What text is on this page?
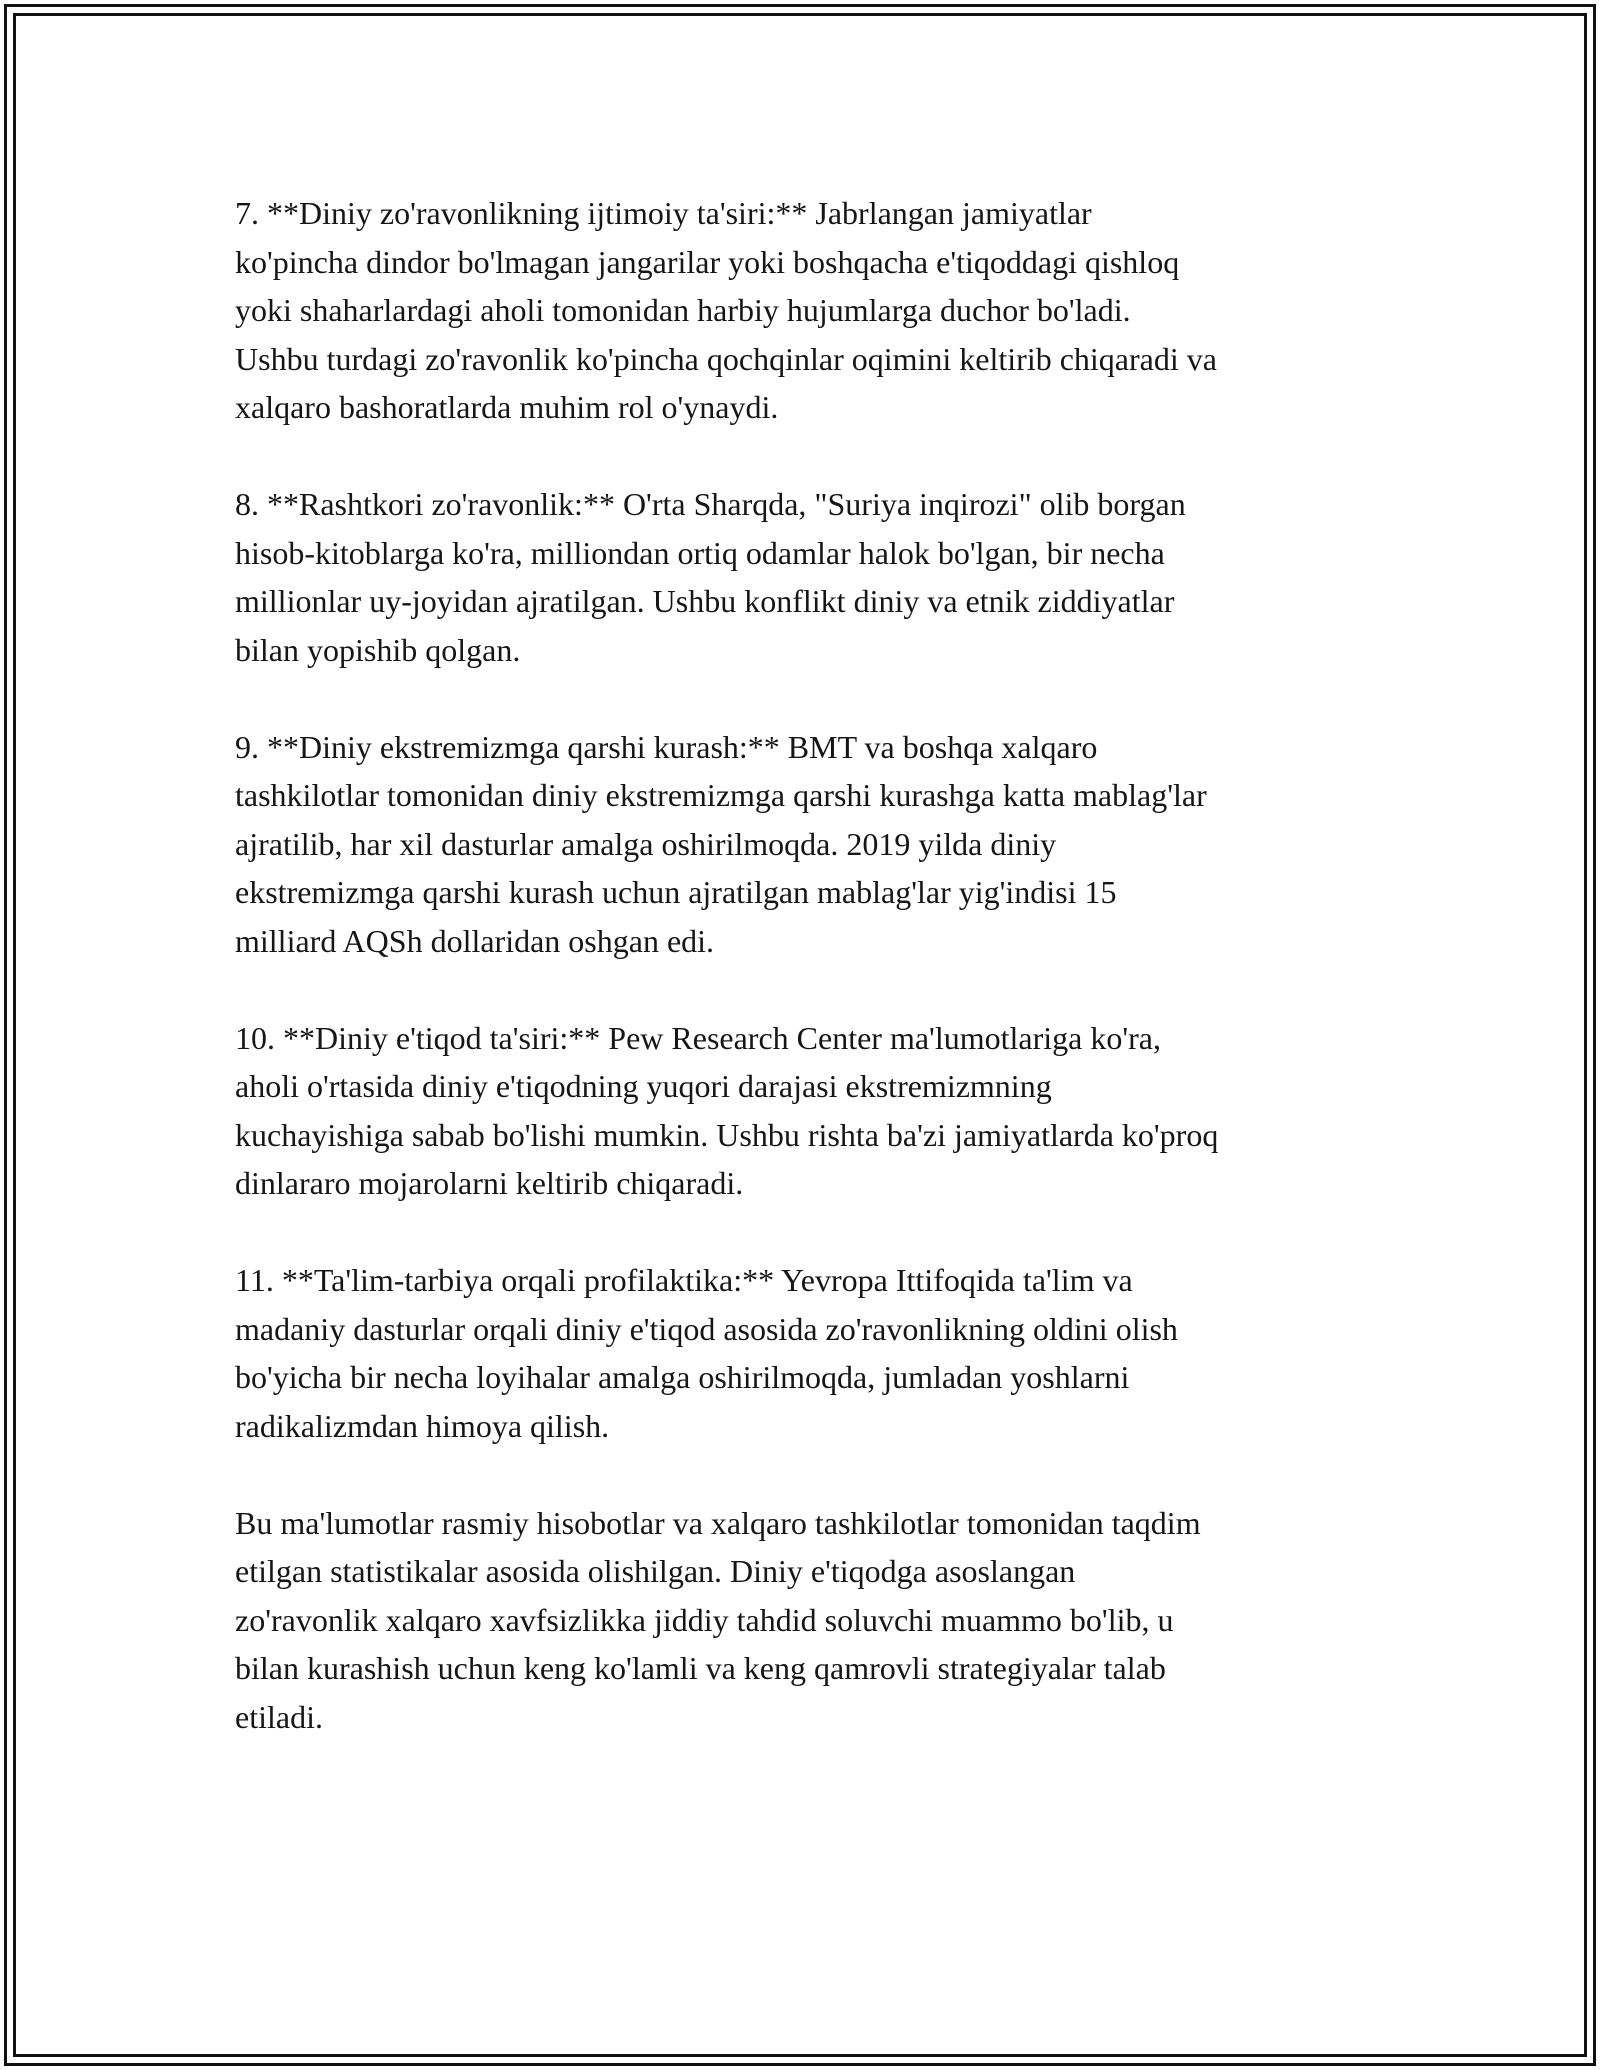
7. **Diniy zo'ravonlikning ijtimoiy ta'siri:** Jabrlangan jamiyatlar
ko'pincha dindor bo'lmagan jangarilar yoki boshqacha e'tiqoddagi qishloq
yoki shaharlardagi aholi tomonidan harbiy hujumlarga duchor bo'ladi.
Ushbu turdagi zo'ravonlik ko'pincha qochqinlar oqimini keltirib chiqaradi va
xalqaro bashoratlarda muhim rol o'ynaydi.

8. **Rashtkori zo'ravonlik:** O'rta Sharqda, "Suriya inqirozi" olib borgan
hisob-kitoblarga ko'ra, milliondan ortiq odamlar halok bo'lgan, bir necha
millionlar uy-joyidan ajratilgan. Ushbu konflikt diniy va etnik ziddiyatlar
bilan yopishib qolgan.

9. **Diniy ekstremizmga qarshi kurash:** BMT va boshqa xalqaro
tashkilotlar tomonidan diniy ekstremizmga qarshi kurashga katta mablag'lar
ajratilib, har xil dasturlar amalga oshirilmoqda. 2019 yilda diniy
ekstremizmga qarshi kurash uchun ajratilgan mablag'lar yig'indisi 15
milliard AQSh dollaridan oshgan edi.

10. **Diniy e'tiqod ta'siri:** Pew Research Center ma'lumotlariga ko'ra,
aholi o'rtasida diniy e'tiqodning yuqori darajasi ekstremizmning
kuchayishiga sabab bo'lishi mumkin. Ushbu rishta ba'zi jamiyatlarda ko'proq
dinlararo mojarolarni keltirib chiqaradi.

11. **Ta'lim-tarbiya orqali profilaktika:** Yevropa Ittifoqida ta'lim va
madaniy dasturlar orqali diniy e'tiqod asosida zo'ravonlikning oldini olish
bo'yicha bir necha loyihalar amalga oshirilmoqda, jumladan yoshlarni
radikalizmdan himoya qilish.

Bu ma'lumotlar rasmiy hisobotlar va xalqaro tashkilotlar tomonidan taqdim
etilgan statistikalar asosida olishilgan. Diniy e'tiqodga asoslangan
zo'ravonlik xalqaro xavfsizlikka jiddiy tahdid soluvchi muammo bo'lib, u
bilan kurashish uchun keng ko'lamli va keng qamrovli strategiyalar talab
etiladi.
